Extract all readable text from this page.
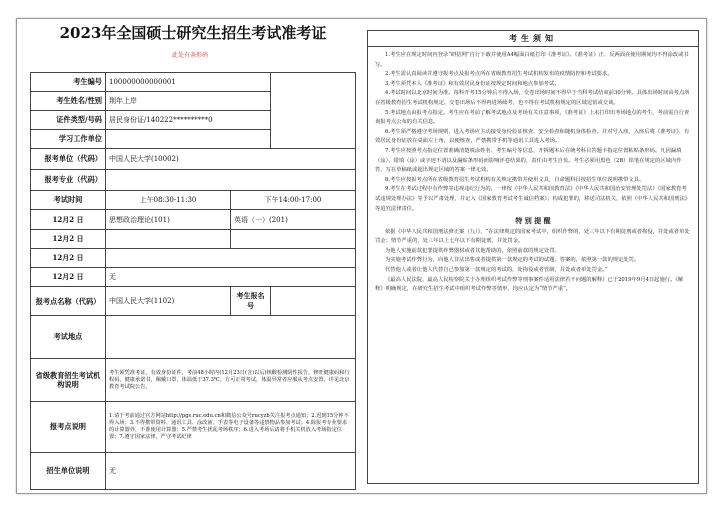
2023年全国硕士研究生招生考试准考证
此处有条形码
考生编号	100000000000001		
考生姓名/性别	荆年上岸		
证件类型/号码	居民身份证/140222**********0		
学习工作单位			
报考单位（代码）	中国人民大学(10002)		
报考专业（代码）			
考试时间	上午08:30-11:30	下午14:00-17:00	
12月2 日	思想政治理论(101)	英语（一）(201)	
12月2 日			
12月2 日			
12月2 日	无		
报考点名称（代码）	中国人民大学(1102)	考生报名号	
考试地点			
省级教育招生考试机构说明	考生须凭准考证，有效身份证件，考前48小时内(12月23日(含)以后)核酸检测阴性报告，修旺健康码和行程码，健康承诺书，佩戴口罩，体温低于37.3℃，方可正常考试，体温异常者应服从考点安置，详见北京教育考试院公告。		
报考点说明	1.请于考前通过官方网站http://pgs.ruc.edu.cn和微信公众号rucyzb关注报考点通知；2.迟到15分钟不得入场；3.不得携带资料、通讯工具、涂改液、手表等电子设备等违禁物品参加考试；4.除报考专业要求的计算器外，不准使用计算器；5.严禁考生扰乱考场秩序；6.进入考场后请将手机关机放入考场指定位置；7.遵守国家法律，严守考试纪律		
招生单位说明	无		
考生须知

1.考生应在规定时间内登录“研招网”自行下载并使用A4幅面白纸打印《准考证》。《准考证》正、反两面在使用期间均不得涂改或书写。

2.考生需认真阅读并遵守报考点及报考点所在省级教育招生考试机构发布的疫情防控和考试要求。

3.考生须凭本人《准考证》和有效居民身份证按规定时间和地点参加考试。

4.考试时间以北京时间为准。每科开考15分钟后不得入场，交卷出场时间不得早于当科考试结束前30分钟。具体出场时间由考点所在省级教育招生考试机构规定。交卷出场后不得再进场续考，也不得在考试机构规定的区域逗留或交谈。

5.考试地点由报考点指定。考生应在考前了解考试地点及考场有关注意事项，《准考证》上未打印出考场地点的考生，考前需自行查询报考点公布的有关信息。

6.考生须严格遵守考场规则，进入考场应主动接受身份验证核查、安全检查和随机身体检查。并对号入座，入座后将《准考证》、有效居民身份证放在桌面左上角，以便核查，严禁携带手机等通讯工具进入考场。

7.考生应按照考点指定位置准确清楚填涂姓名、考生编号等信息，开拆题本后在统考科目答题卡指定位置粘贴条形码。凡因漏填（涂）、错填（涂）或字迹不清以及漏贴条形码而影响评卷结果的，责任由考生自负。考生必须用黑色（2B）铅笔在规定的区域内作答，写在草稿纸或超出规定区域的答案一律无效。

8.考生应按报考点所在省级教育招生考试机构有关规定携带并使用文具，自命题科目按招生单位说明携带文具。

9.考生在考试过程中有作弊等违规违纪行为的，一律按《中华人民共和国教育法》《中华人民共和国治安管理处罚法》《国家教育考试违规处理办法》等予以严肃处理，并记入《国家教育考试考生诚信档案》；构成犯罪的，移送司法机关，依照《中华人民共和国刑法》等追究法律责任。

特 别 提 醒

依据《中华人民共和国刑法修正案（九）》，“在法律规定的国家考试中，组织作弊的，处三年以下有期徒刑或者拘役，并处或者单处罚金；情节严重的，处三年以上七年以下有期徒刑，并处罚金。

为他人实施前款犯罪提供作弊器材或者其他帮助的，依照前款的规定处罚。

为实施考试作弊行为，向他人非法出售或者提供第一款规定的考试的试题、答案的，依照第一款的规定处罚。

代替他人或者让他人代替自己参加第一款规定的考试的，处拘役或者管制，并处或者单处罚金。”

《最高人民法院、最高人民检察院关于办理组织考试作弊等刑事案件适用法律若干问题的解释》已于2019年9月4日起施行。《解释》明确规定，在研究生招生考试中组织考试作弊等情形，均应认定为“情节严重”。
